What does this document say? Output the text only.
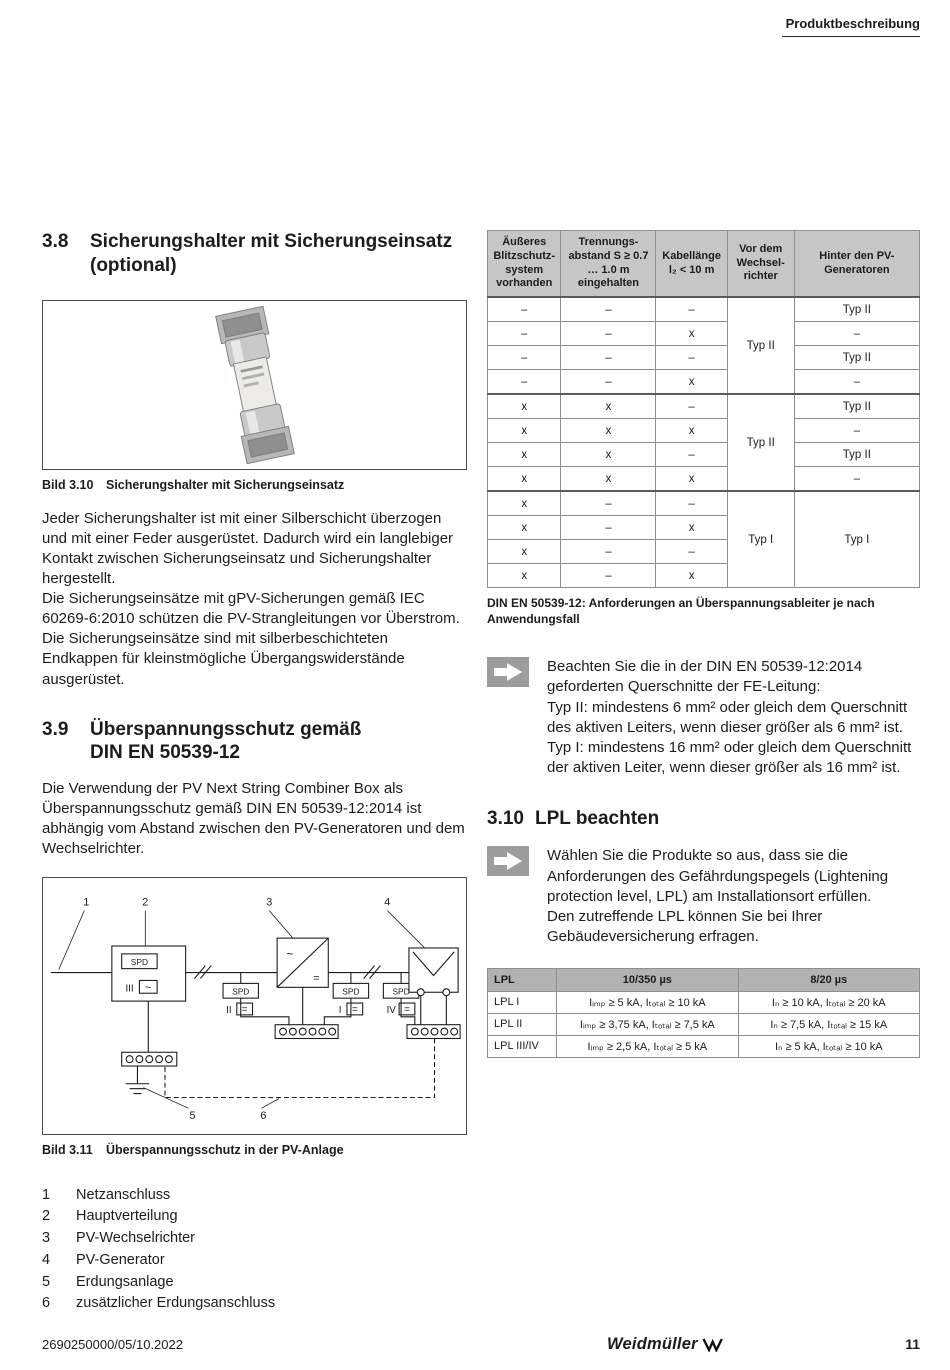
Produktbeschreibung
3.8	Sicherungshalter mit Sicherungseinsatz
(optional)
Bild 3.10	Sicherungshalter mit Sicherungseinsatz

Jeder Sicherungshalter ist mit einer Silberschicht überzogen und mit einer Feder ausgerüstet. Dadurch wird ein langlebiger Kontakt zwischen Sicherungseinsatz und Sicherungshalter hergestellt.

Die Sicherungseinsätze mit gPV-Sicherungen gemäß IEC 60269-6:2010 schützen die PV-Strangleitungen vor Überstrom. Die Sicherungseinsätze sind mit silberbeschichteten Endkappen für kleinstmögliche Übergangswiderstände ausgerüstet.

3.9	Überspannungsschutz gemäß
DIN EN 50539-12

Die Verwendung der PV Next String Combiner Box als Überspannungsschutz gemäß DIN EN 50539-12:2014 ist abhängig vom Abstand zwischen den PV-Generatoren und dem Wechselrichter.

1	2	3	4
5	6
SPD
SPD	SPD	SPD
III
II	I	IV
~
=	=	=
~
=
Bild 3.11	Überspannungsschutz in der PV-Anlage
1	Netzanschluss
2	Hauptverteilung
3	PV-Wechselrichter
4	PV-Generator
5	Erdungsanlage
6	zusätzlicher Erdungsanschluss
Äußeres Blitzschutzsystem vorhanden	Trennungsabstand S ≥ 0.7 … 1.0 m eingehalten	Kabellänge l₂ < 10 m	Vor dem Wechselrichter	Hinter den PV-Generatoren
–	–	–	Typ II	Typ II
–	–	x		–
–	–	–		Typ II
–	–	x		–
x	x	–	Typ II	Typ II
x	x	x		–
x	x	–		Typ II
x	x	x		–
x	–	–	Typ I	Typ I
x	–	x		
x	–	–		
x	–	x		
DIN EN 50539-12: Anforderungen an Überspannungsableiter je nach Anwendungsfall

Beachten Sie die in der DIN EN 50539-12:2014 geforderten Querschnitte der FE-Leitung:

Typ II: mindestens 6 mm² oder gleich dem Querschnitt des aktiven Leiters, wenn dieser größer als 6 mm² ist.

Typ I: mindestens 16 mm² oder gleich dem Querschnitt der aktiven Leiter, wenn dieser größer als 16 mm² ist.

3.10 LPL beachten

Wählen Sie die Produkte so aus, dass sie die Anforderungen des Gefährdungspegels (Lightening protection level, LPL) am Installationsort erfüllen.

Den zutreffende LPL können Sie bei Ihrer Gebäudeversicherung erfragen.

LPL	10/350 µs	8/20 µs
LPL I	Iᵢₘₚ ≥ 5 kA, Iₜₒₜₐₗ ≥ 10 kA	Iₙ ≥ 10 kA, Iₜₒₜₐₗ ≥ 20 kA
LPL II	Iᵢₘₚ ≥ 3,75 kA, Iₜₒₜₐₗ ≥ 7,5 kA	Iₙ ≥ 7,5 kA, Iₜₒₜₐₗ ≥ 15 kA
LPL III/IV	Iᵢₘₚ ≥ 2,5 kA, Iₜₒₜₐₗ ≥ 5 kA	Iₙ ≥ 5 kA, Iₜₒₜₐₗ ≥ 10 kA
2690250000/05/10.2022	Weidmüller	11
